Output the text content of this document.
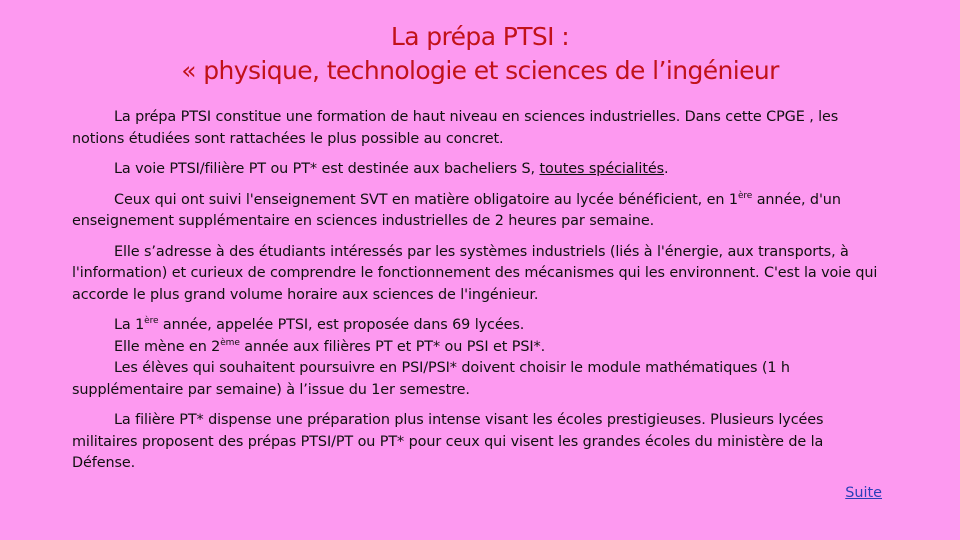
La prépa PTSI :
« physique, technologie et sciences de l’ingénieur

La prépa PTSI constitue une formation de haut niveau en sciences industrielles. Dans cette CPGE , les notions étudiées sont rattachées le plus possible au concret.

La voie PTSI/filière PT ou PT* est destinée aux bacheliers S, toutes spécialités.

Ceux qui ont suivi l'enseignement SVT en matière obligatoire au lycée bénéficient, en 1ère année, d'un enseignement supplémentaire en sciences industrielles de 2 heures par semaine.

Elle s’adresse à des étudiants intéressés par les systèmes industriels (liés à l'énergie, aux transports, à l'information) et curieux de comprendre le fonctionnement des mécanismes qui les environnent. C'est la voie qui accorde le plus grand volume horaire aux sciences de l'ingénieur.

La 1ère année, appelée PTSI, est proposée dans 69 lycées.
Elle mène en 2ème année aux filières PT et PT* ou PSI et PSI*.
Les élèves qui souhaitent poursuivre en PSI/PSI* doivent choisir le module mathématiques (1 h supplémentaire par semaine) à l’issue du 1er semestre.

La filière PT* dispense une préparation plus intense visant les écoles prestigieuses. Plusieurs lycées militaires proposent des prépas PTSI/PT ou PT* pour ceux qui visent les grandes écoles du ministère de la Défense.

Suite
